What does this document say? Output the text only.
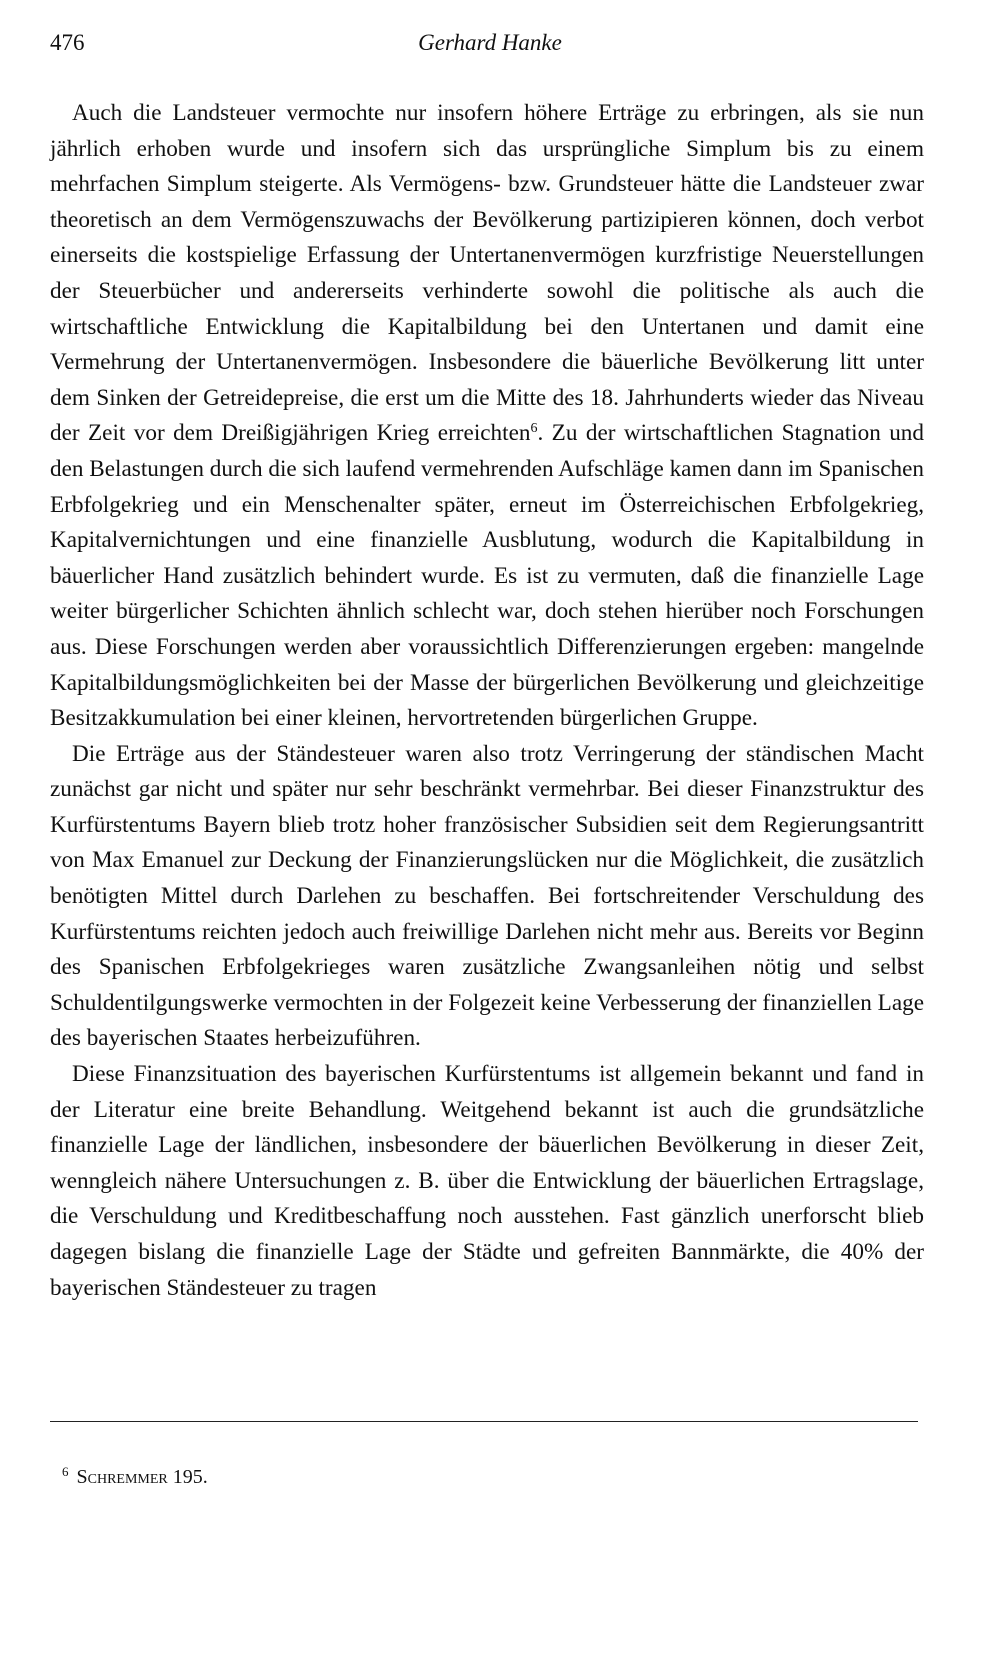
476	Gerhard Hanke

Auch die Landsteuer vermochte nur insofern höhere Erträge zu erbringen, als sie nun jährlich erhoben wurde und insofern sich das ursprüngliche Simplum bis zu einem mehrfachen Simplum steigerte. Als Vermögens- bzw. Grundsteuer hätte die Landsteuer zwar theoretisch an dem Vermögenszuwachs der Bevölkerung partizipieren können, doch verbot einerseits die kostspielige Erfassung der Untertanenvermögen kurzfristige Neuerstellungen der Steuerbücher und andererseits verhinderte sowohl die politische als auch die wirtschaftliche Entwicklung die Kapitalbildung bei den Untertanen und damit eine Vermehrung der Untertanenvermögen. Insbesondere die bäuerliche Bevölkerung litt unter dem Sinken der Getreidepreise, die erst um die Mitte des 18. Jahrhunderts wieder das Niveau der Zeit vor dem Dreißigjährigen Krieg erreichten$^6$. Zu der wirtschaftlichen Stagnation und den Belastungen durch die sich laufend vermehrenden Aufschläge kamen dann im Spanischen Erbfolgekrieg und ein Menschenalter später, erneut im Österreichischen Erbfolgekrieg, Kapitalvernichtungen und eine finanzielle Ausblutung, wodurch die Kapitalbildung in bäuerlicher Hand zusätzlich behindert wurde. Es ist zu vermuten, daß die finanzielle Lage weiter bürgerlicher Schichten ähnlich schlecht war, doch stehen hierüber noch Forschungen aus. Diese Forschungen werden aber voraussichtlich Differenzierungen ergeben: mangelnde Kapitalbildungsmöglichkeiten bei der Masse der bürgerlichen Bevölkerung und gleichzeitige Besitzakkumulation bei einer kleinen, hervortretenden bürgerlichen Gruppe.

Die Erträge aus der Ständesteuer waren also trotz Verringerung der ständischen Macht zunächst gar nicht und später nur sehr beschränkt vermehrbar. Bei dieser Finanzstruktur des Kurfürstentums Bayern blieb trotz hoher französischer Subsidien seit dem Regierungsantritt von Max Emanuel zur Deckung der Finanzierungslücken nur die Möglichkeit, die zusätzlich benötigten Mittel durch Darlehen zu beschaffen. Bei fortschreitender Verschuldung des Kurfürstentums reichten jedoch auch freiwillige Darlehen nicht mehr aus. Bereits vor Beginn des Spanischen Erbfolgekrieges waren zusätzliche Zwangsanleihen nötig und selbst Schuldentilgungswerke vermochten in der Folgezeit keine Verbesserung der finanziellen Lage des bayerischen Staates herbeizuführen.

Diese Finanzsituation des bayerischen Kurfürstentums ist allgemein bekannt und fand in der Literatur eine breite Behandlung. Weitgehend bekannt ist auch die grundsätzliche finanzielle Lage der ländlichen, insbesondere der bäuerlichen Bevölkerung in dieser Zeit, wenngleich nähere Untersuchungen z. B. über die Entwicklung der bäuerlichen Ertragslage, die Verschuldung und Kreditbeschaffung noch ausstehen. Fast gänzlich unerforscht blieb dagegen bislang die finanzielle Lage der Städte und gefreiten Bannmärkte, die 40% der bayerischen Ständesteuer zu tragen

$^6$ Schremmer 195.
